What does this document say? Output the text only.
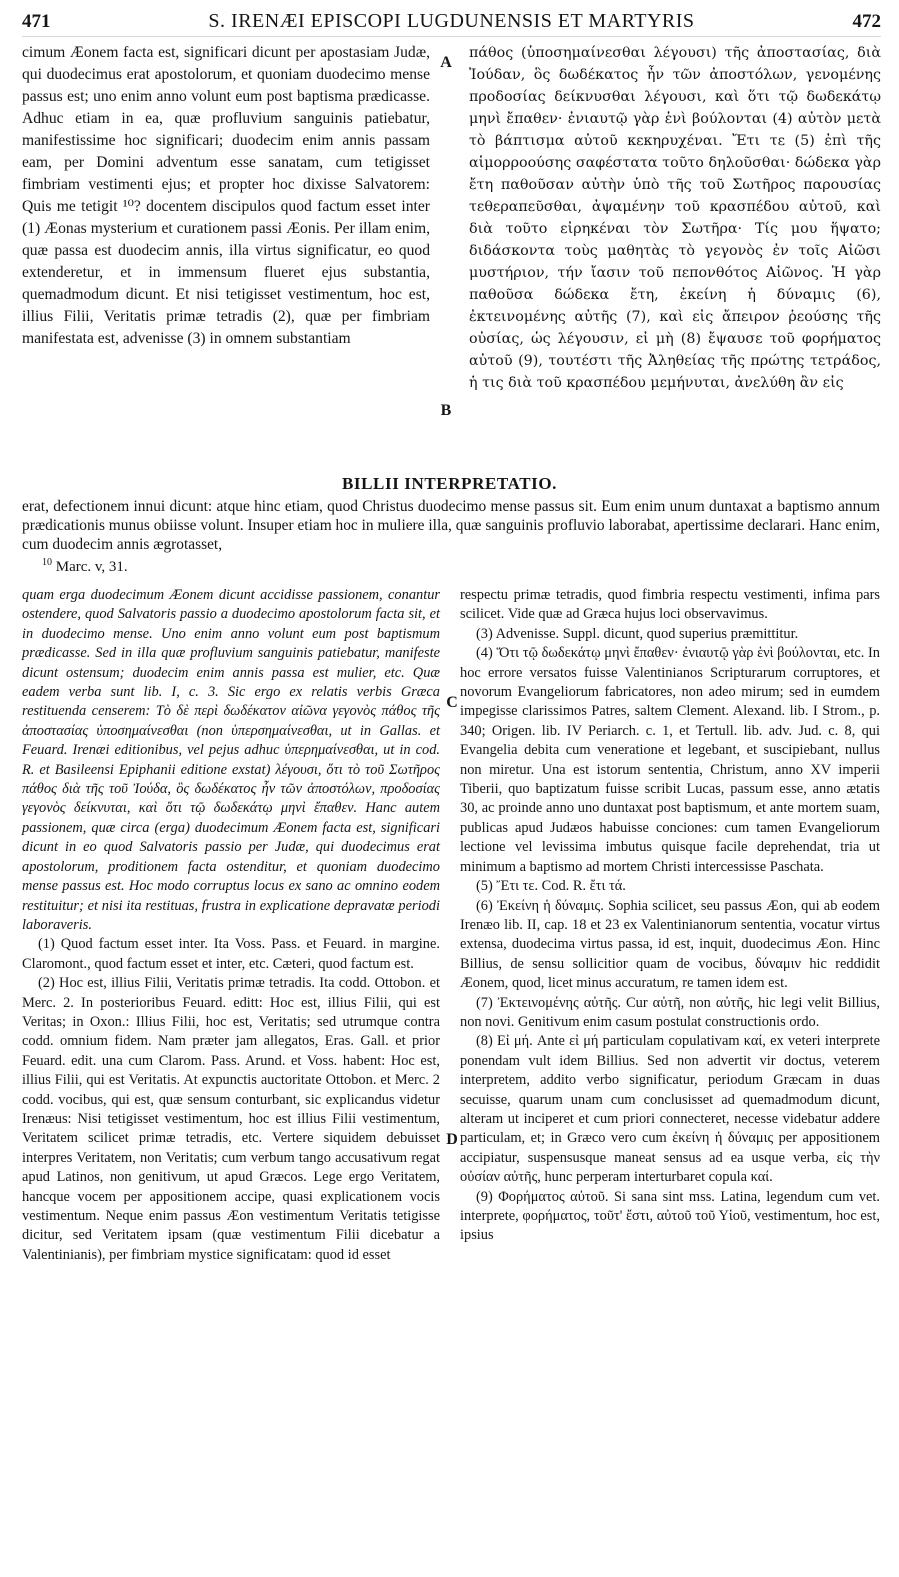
471	S. IRENÆI EPISCOPI LUGDUNENSIS ET MARTYRIS	472

cimum Æonem facta est, significari dicunt per apostasiam Judæ, qui duodecimus erat apostolorum, et quoniam duodecimo mense passus est; uno enim anno volunt eum post baptisma prædicasse. Adhuc etiam in ea, quæ profluvium sanguinis patiebatur, manifestissime hoc significari; duodecim enim annis passam eam, per Domini adventum esse sanatam, cum tetigisset fimbriam vestimenti ejus; et propter hoc dixisse Salvatorem: Quis me tetigit ¹⁰? docentem discipulos quod factum esset inter (1) Æonas mysterium et curationem passi Æonis. Per illam enim, quæ passa est duodecim annis, illa virtus significatur, eo quod extenderetur, et in immensum flueret ejus substantia, quemadmodum dicunt. Et nisi tetigisset vestimentum, hoc est, illius Filii, Veritatis primæ tetradis (2), quæ per fimbriam manifestata est, advenisse (3) in omnem substantiam

A
B

πάθος (ὑποσημαίνεσθαι λέγουσι) τῆς ἀποστασίας, διὰ Ἰούδαν, ὃς δωδέκατος ἦν τῶν ἀποστόλων, γενομένης προδοσίας δείκνυσθαι λέγουσι, καὶ ὅτι τῷ δωδεκάτῳ μηνὶ ἔπαθεν· ἐνιαυτῷ γὰρ ἑνὶ βούλονται (4) αὐτὸν μετὰ τὸ βάπτισμα αὐτοῦ κεκηρυχέναι. Ἔτι τε (5) ἐπὶ τῆς αἱμορροούσης σαφέστατα τοῦτο δηλοῦσθαι· δώδεκα γὰρ ἔτη παθοῦσαν αὐτὴν ὑπὸ τῆς τοῦ Σωτῆρος παρουσίας τεθεραπεῦσθαι, ἀψαμένην τοῦ κρασπέδου αὐτοῦ, καὶ διὰ τοῦτο εἰρηκέναι τὸν Σωτῆρα· Τίς μου ἥψατο; διδάσκοντα τοὺς μαθητὰς τὸ γεγονὸς ἐν τοῖς Αἰῶσι μυστήριον, τήν ἴασιν τοῦ πεπονθότος Αἰῶνος. Ἡ γὰρ παθοῦσα δώδεκα ἔτη, ἐκείνη ἡ δύναμις (6), ἐκτεινομένης αὐτῆς (7), καὶ εἰς ἄπειρον ῥεούσης τῆς οὐσίας, ὡς λέγουσιν, εἰ μὴ (8) ἔψαυσε τοῦ φορήματος αὐτοῦ (9), τουτέστι τῆς Ἀληθείας τῆς πρώτης τετράδος, ἡ τις διὰ τοῦ κρασπέδου μεμήνυται, ἀνελύθη ἂν εἰς

BILLII INTERPRETATIO.
erat, defectionem innui dicunt: atque hinc etiam, quod Christus duodecimo mense passus sit. Eum enim unum duntaxat a baptismo annum prædicationis munus obiisse volunt. Insuper etiam hoc in muliere illa, quæ sanguinis profluvio laborabat, apertissime declarari. Hanc enim, cum duodecim annis ægrotasset,
$^{10}$ Marc. v, 31.

quam erga duodecimum Æonem dicunt accidisse passionem, conantur ostendere, quod Salvatoris passio a duodecimo apostolorum facta sit, et in duodecimo mense. Uno enim anno volunt eum post baptismum prædicasse. Sed in illa quæ profluvium sanguinis patiebatur, manifeste dicunt ostensum; duodecim enim annis passa est mulier, etc. Quæ eadem verba sunt lib. I, c. 3. Sic ergo ex relatis verbis Græca restituenda censerem: Τὸ δὲ περὶ δωδέκατον αἰῶνα γεγονὸς πάθος τῆς ἀποστασίας ὑποσημαίνεσθαι (non ὑπερσημαίνεσθαι, ut in Gallas. et Feuard. Irenæi editionibus, vel pejus adhuc ὑπερημαίνεσθαι, ut in cod. R. et Basileensi Epiphanii editione exstat) λέγουσι, ὅτι τὸ τοῦ Σωτῆρος πάθος διὰ τῆς τοῦ Ἰούδα, ὃς δωδέκατος ἦν τῶν ἀποστόλων, προδοσίας γεγονὸς δείκνυται, καὶ ὅτι τῷ δωδεκάτῳ μηνὶ ἔπαθεν. Hanc autem passionem, quæ circa (erga) duodecimum Æonem facta est, significari dicunt in eo quod Salvatoris passio per Judæ, qui duodecimus erat apostolorum, proditionem facta ostenditur, et quoniam duodecimo mense passus est. Hoc modo corruptus locus ex sano ac omnino eodem restituitur; et nisi ita restituas, frustra in explicatione depravatæ periodi laboraveris.

(1) Quod factum esset inter. Ita Voss. Pass. et Feuard. in margine. Claromont., quod factum esset et inter, etc. Cæteri, quod factum est.

(2) Hoc est, illius Filii, Veritatis primæ tetradis. Ita codd. Ottobon. et Merc. 2. In posterioribus Feuard. editt: Hoc est, illius Filii, qui est Veritas; in Oxon.: Illius Filii, hoc est, Veritatis; sed utrumque contra codd. omnium fidem. Nam præter jam allegatos, Eras. Gall. et prior Feuard. edit. una cum Clarom. Pass. Arund. et Voss. habent: Hoc est, illius Filii, qui est Veritatis. At expunctis auctoritate Ottobon. et Merc. 2 codd. vocibus, qui est, quæ sensum conturbant, sic explicandus videtur Irenæus: Nisi tetigisset vestimentum, hoc est illius Filii vestimentum, Veritatem scilicet primæ tetradis, etc. Vertere siquidem debuisset interpres Veritatem, non Veritatis; cum verbum tango accusativum regat apud Latinos, non genitivum, ut apud Græcos. Lege ergo Veritatem, hancque vocem per appositionem accipe, quasi explicationem vocis vestimentum. Neque enim passus Æon vestimentum Veritatis tetigisse dicitur, sed Veritatem ipsam (quæ vestimentum Filii dicebatur a Valentinianis), per fimbriam mystice significatam: quod id esset

C
D

respectu primæ tetradis, quod fimbria respectu vestimenti, infima pars scilicet. Vide quæ ad Græca hujus loci observavimus.

(3) Advenisse. Suppl. dicunt, quod superius præmittitur.

(4) Ὅτι τῷ δωδεκάτῳ μηνὶ ἔπαθεν· ἐνιαυτῷ γὰρ ἑνὶ βούλονται, etc. In hoc errore versatos fuisse Valentinianos Scripturarum corruptores, et novorum Evangeliorum fabricatores, non adeo mirum; sed in eumdem impegisse clarissimos Patres, saltem Clement. Alexand. lib. I Strom., p. 340; Origen. lib. IV Periarch. c. 1, et Tertull. lib. adv. Jud. c. 8, qui Evangelia debita cum veneratione et legebant, et suscipiebant, nullus non miretur. Una est istorum sententia, Christum, anno XV imperii Tiberii, quo baptizatum fuisse scribit Lucas, passum esse, anno ætatis 30, ac proinde anno uno duntaxat post baptismum, et ante mortem suam, publicas apud Judæos habuisse conciones: cum tamen Evangeliorum lectione vel levissima imbutus quisque facile deprehendat, tria ut minimum a baptismo ad mortem Christi intercessisse Paschata.

(5) Ἔτι τε. Cod. R. ἔτι τά.

(6) Ἐκείνη ἡ δύναμις. Sophia scilicet, seu passus Æon, qui ab eodem Irenæo lib. II, cap. 18 et 23 ex Valentinianorum sententia, vocatur virtus extensa, duodecima virtus passa, id est, inquit, duodecimus Æon. Hinc Billius, de sensu sollicitior quam de vocibus, δύναμιν hic reddidit Æonem, quod, licet minus accuratum, re tamen idem est.

(7) Ἐκτεινομένης αὐτῆς. Cur αὐτῆ, non αὐτῆς, hic legi velit Billius, non novi. Genitivum enim casum postulat constructionis ordo.

(8) Εἰ μή. Ante εἰ μή particulam copulativam καί, ex veteri interprete ponendam vult idem Billius. Sed non advertit vir doctus, veterem interpretem, addito verbo significatur, periodum Græcam in duas secuisse, quarum unam cum conclusisset ad quemadmodum dicunt, alteram ut inciperet et cum priori connecteret, necesse videbatur addere particulam, et; in Græco vero cum ἐκείνη ἡ δύναμις per appositionem accipiatur, suspensusque maneat sensus ad ea usque verba, εἰς τὴν οὐσίαν αὐτῆς, hunc perperam interturbaret copula καί.

(9) Φορήματος αὐτοῦ. Si sana sint mss. Latina, legendum cum vet. interprete, φορήματος, τοῦτ' ἔστι, αὐτοῦ τοῦ Υἱοῦ, vestimentum, hoc est, ipsius
